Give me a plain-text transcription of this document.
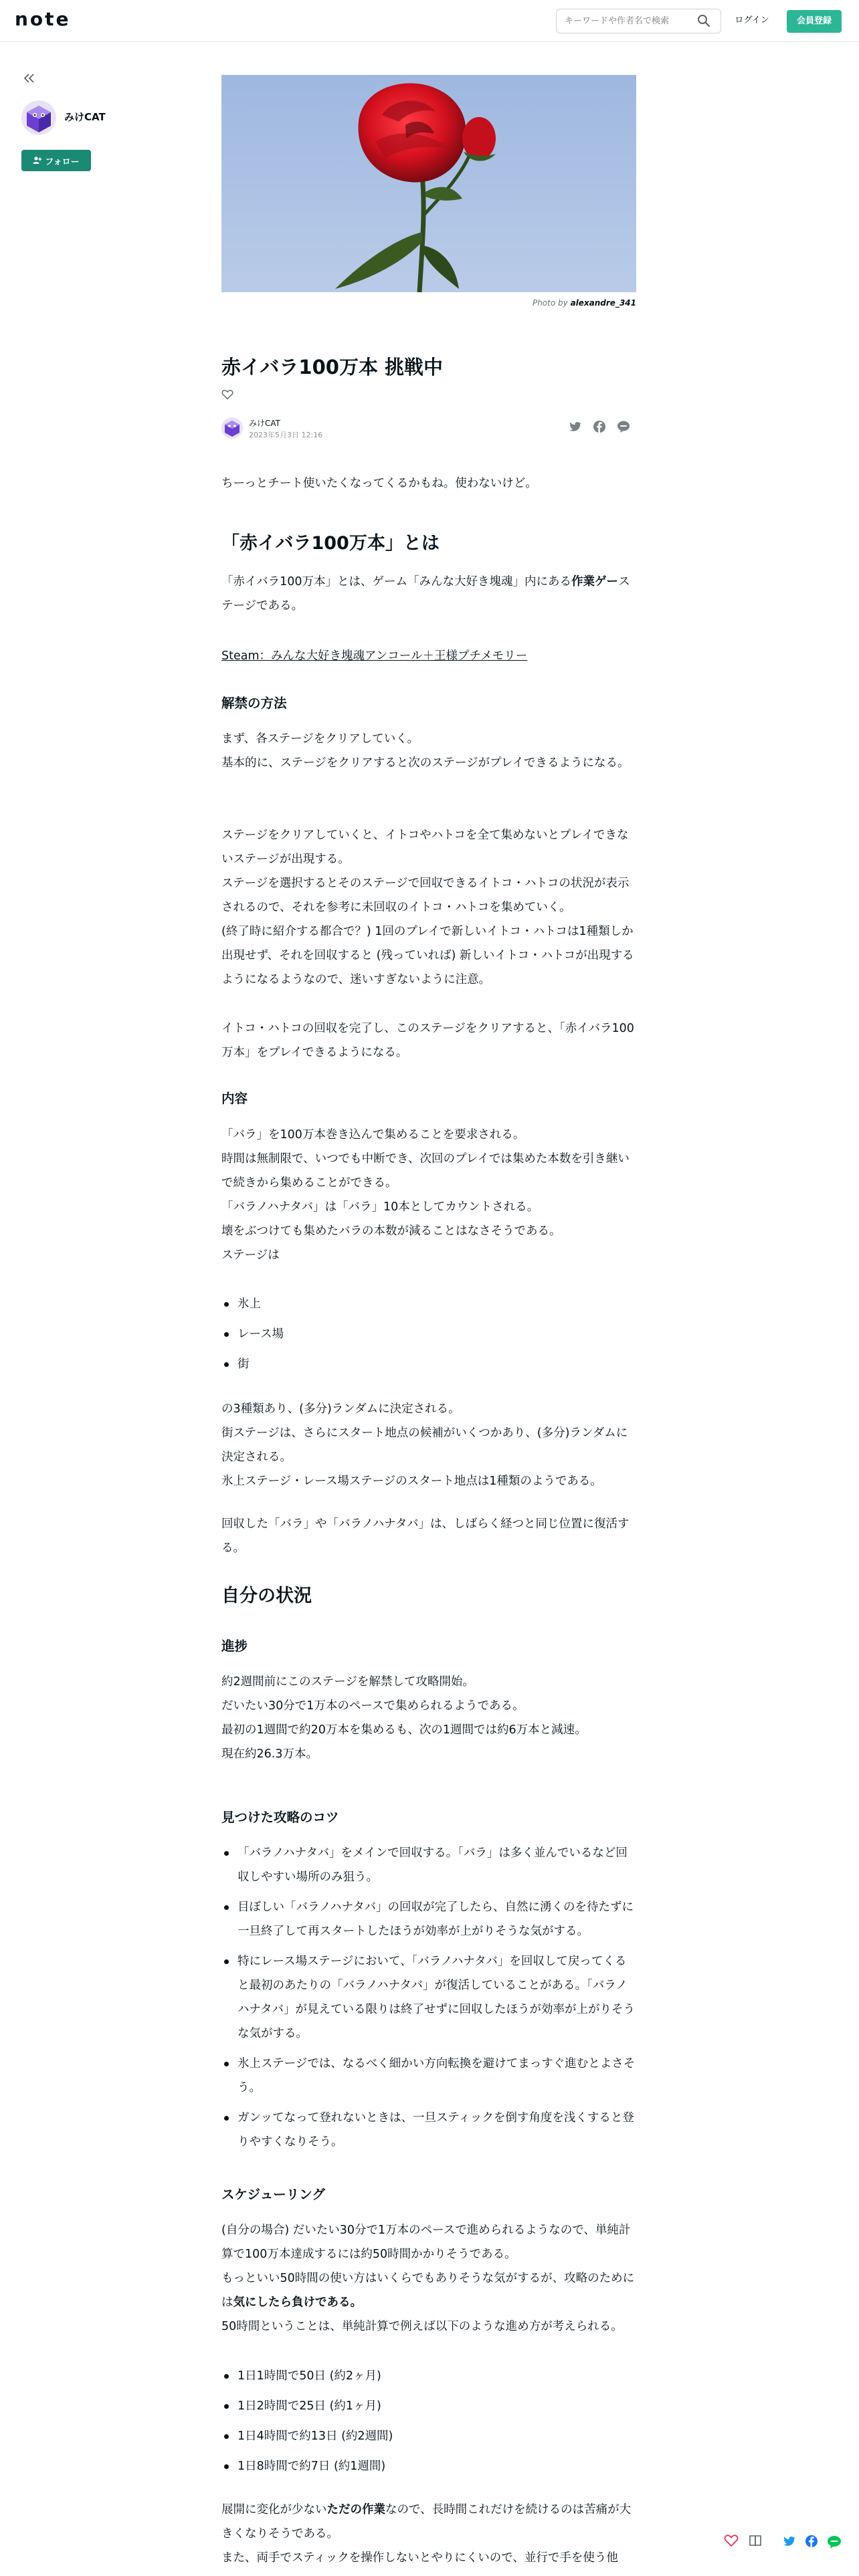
note
キーワードや作者名で検索	ログイン	会員登録
みけCAT
フォロー
Photo by alexandre_341
赤イバラ100万本 挑戦中
みけCAT
2023年5月3日 12:16

ちーっとチート使いたくなってくるかもね。使わないけど。

「赤イバラ100万本」とは

「赤イバラ100万本」とは、ゲーム「みんな大好き塊魂」内にある作業ゲーステージである。

Steam：みんな大好き塊魂アンコール＋王様プチメモリー

解禁の方法

まず、各ステージをクリアしていく。

基本的に、ステージをクリアすると次のステージがプレイできるようになる。

ステージをクリアしていくと、イトコやハトコを全て集めないとプレイできないステージが出現する。

ステージを選択するとそのステージで回収できるイトコ・ハトコの状況が表示されるので、それを参考に未回収のイトコ・ハトコを集めていく。

(終了時に紹介する都合で？) 1回のプレイで新しいイトコ・ハトコは1種類しか出現せず、それを回収すると (残っていれば) 新しいイトコ・ハトコが出現するようになるようなので、迷いすぎないように注意。

イトコ・ハトコの回収を完了し、このステージをクリアすると、「赤イバラ100万本」をプレイできるようになる。

内容

「バラ」を100万本巻き込んで集めることを要求される。

時間は無制限で、いつでも中断でき、次回のプレイでは集めた本数を引き継いで続きから集めることができる。

「バラノハナタバ」は「バラ」10本としてカウントされる。

壊をぶつけても集めたバラの本数が減ることはなさそうである。

ステージは

氷上
レース場
街

の3種類あり、(多分)ランダムに決定される。

街ステージは、さらにスタート地点の候補がいくつかあり、(多分)ランダムに決定される。

氷上ステージ・レース場ステージのスタート地点は1種類のようである。

回収した「バラ」や「バラノハナタバ」は、しばらく経つと同じ位置に復活する。

自分の状況
進捗

約2週間前にこのステージを解禁して攻略開始。

だいたい30分で1万本のペースで集められるようである。

最初の1週間で約20万本を集めるも、次の1週間では約6万本と減速。

現在約26.3万本。

見つけた攻略のコツ
「バラノハナタバ」をメインで回収する。「バラ」は多く並んでいるなど回収しやすい場所のみ狙う。
目ぼしい「バラノハナタバ」の回収が完了したら、自然に湧くのを待たずに一旦終了して再スタートしたほうが効率が上がりそうな気がする。
特にレース場ステージにおいて、「バラノハナタバ」を回収して戻ってくると最初のあたりの「バラノハナタバ」が復活していることがある。「バラノハナタバ」が見えている限りは終了せずに回収したほうが効率が上がりそうな気がする。
氷上ステージでは、なるべく細かい方向転換を避けてまっすぐ進むとよさそう。
ガンッてなって登れないときは、一旦スティックを倒す角度を浅くすると登りやすくなりそう。
スケジューリング

(自分の場合) だいたい30分で1万本のペースで進められるようなので、単純計算で100万本達成するには約50時間かかりそうである。

もっといい50時間の使い方はいくらでもありそうな気がするが、攻略のためには気にしたら負けである。

50時間ということは、単純計算で例えば以下のような進め方が考えられる。

1日1時間で50日 (約2ヶ月)
1日2時間で25日 (約1ヶ月)
1日4時間で約13日 (約2週間)
1日8時間で約7日 (約1週間)

展開に変化が少ないただの作業なので、長時間これだけを続けるのは苦痛が大きくなりそうである。

また、両手でスティックを操作しないとやりにくいので、並行で手を使う他
